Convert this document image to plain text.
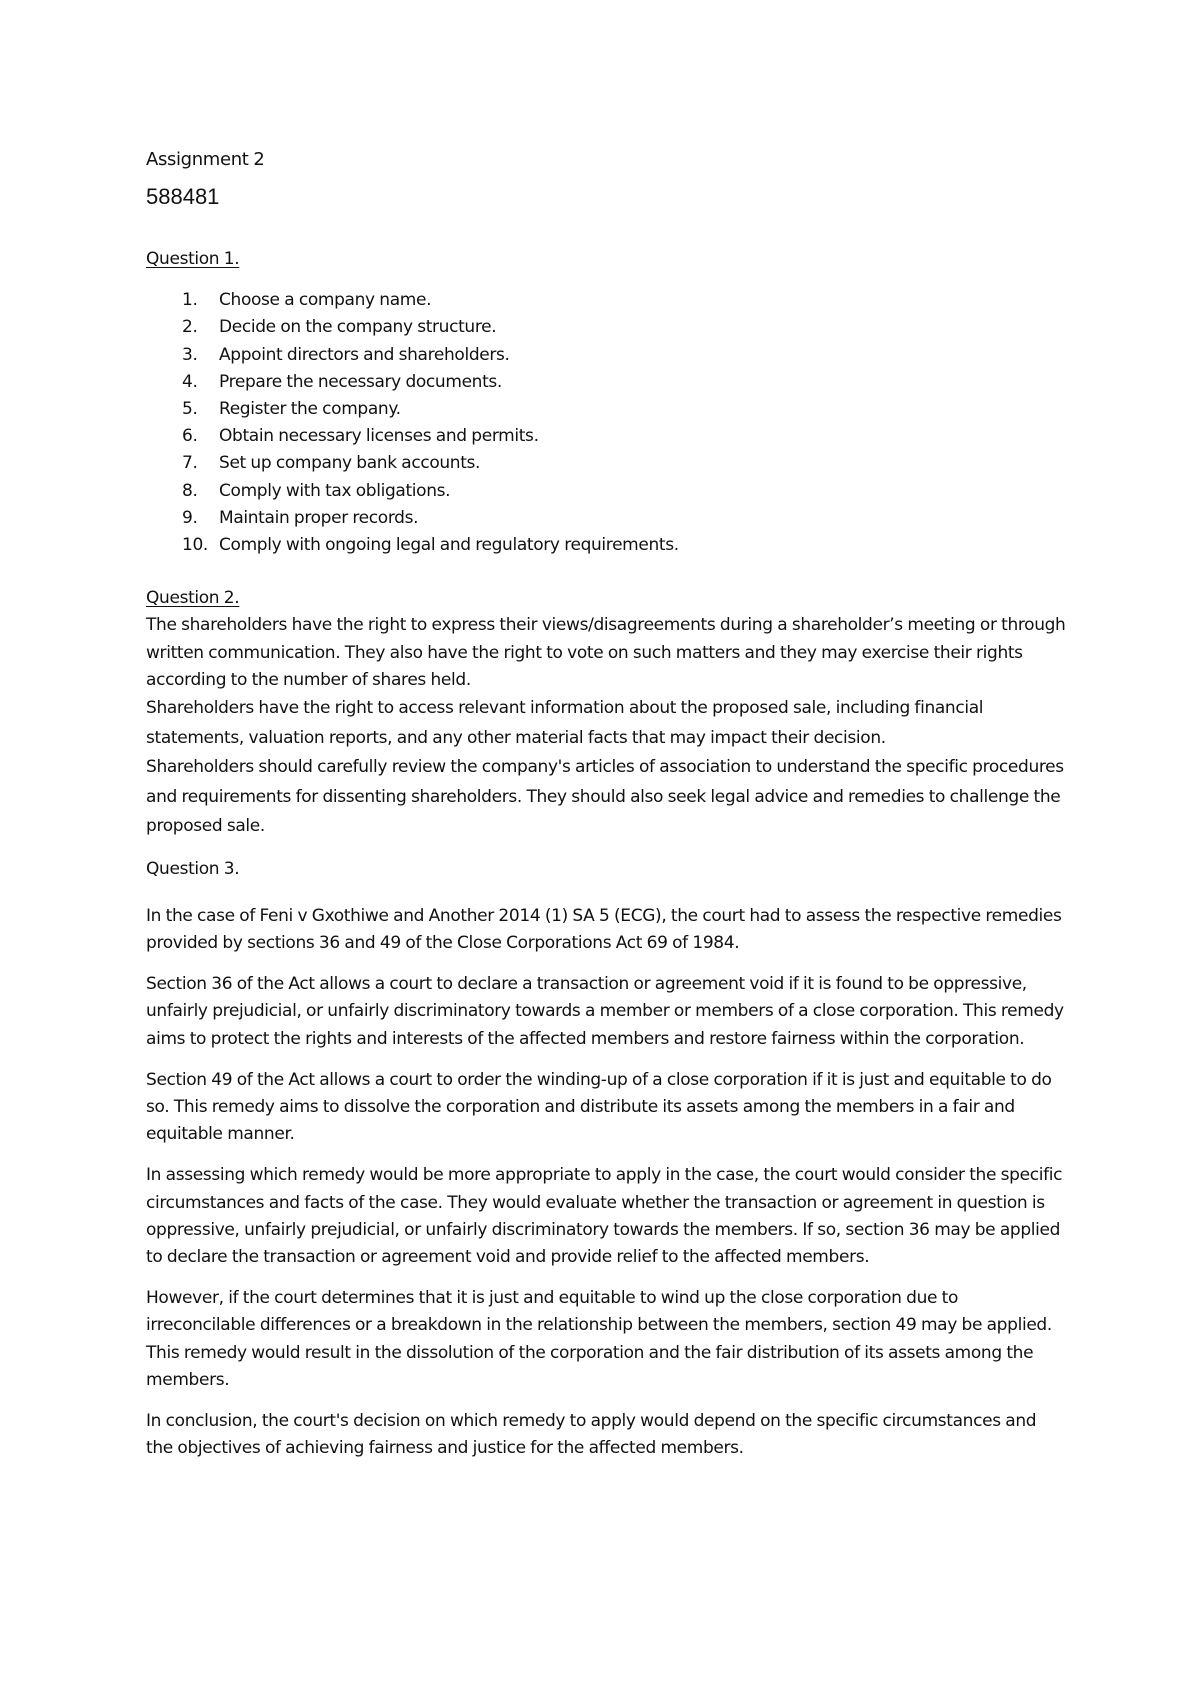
Assignment 2
588481

Question 1.

1. Choose a company name.
2. Decide on the company structure.
3. Appoint directors and shareholders.
4. Prepare the necessary documents.
5. Register the company.
6. Obtain necessary licenses and permits.
7. Set up company bank accounts.
8. Comply with tax obligations.
9. Maintain proper records.
10. Comply with ongoing legal and regulatory requirements.

Question 2.

The shareholders have the right to express their views/disagreements during a shareholder’s meeting or through written communication. They also have the right to vote on such matters and they may exercise their rights according to the number of shares held.

Shareholders have the right to access relevant information about the proposed sale, including financial statements, valuation reports, and any other material facts that may impact their decision.

Shareholders should carefully review the company's articles of association to understand the specific procedures and requirements for dissenting shareholders. They should also seek legal advice and remedies to challenge the proposed sale.

Question 3.

In the case of Feni v Gxothiwe and Another 2014 (1) SA 5 (ECG), the court had to assess the respective remedies provided by sections 36 and 49 of the Close Corporations Act 69 of 1984.

Section 36 of the Act allows a court to declare a transaction or agreement void if it is found to be oppressive, unfairly prejudicial, or unfairly discriminatory towards a member or members of a close corporation. This remedy aims to protect the rights and interests of the affected members and restore fairness within the corporation.

Section 49 of the Act allows a court to order the winding-up of a close corporation if it is just and equitable to do so. This remedy aims to dissolve the corporation and distribute its assets among the members in a fair and equitable manner.

In assessing which remedy would be more appropriate to apply in the case, the court would consider the specific circumstances and facts of the case. They would evaluate whether the transaction or agreement in question is oppressive, unfairly prejudicial, or unfairly discriminatory towards the members. If so, section 36 may be applied to declare the transaction or agreement void and provide relief to the affected members.

However, if the court determines that it is just and equitable to wind up the close corporation due to irreconcilable differences or a breakdown in the relationship between the members, section 49 may be applied. This remedy would result in the dissolution of the corporation and the fair distribution of its assets among the members.

In conclusion, the court's decision on which remedy to apply would depend on the specific circumstances and the objectives of achieving fairness and justice for the affected members.
